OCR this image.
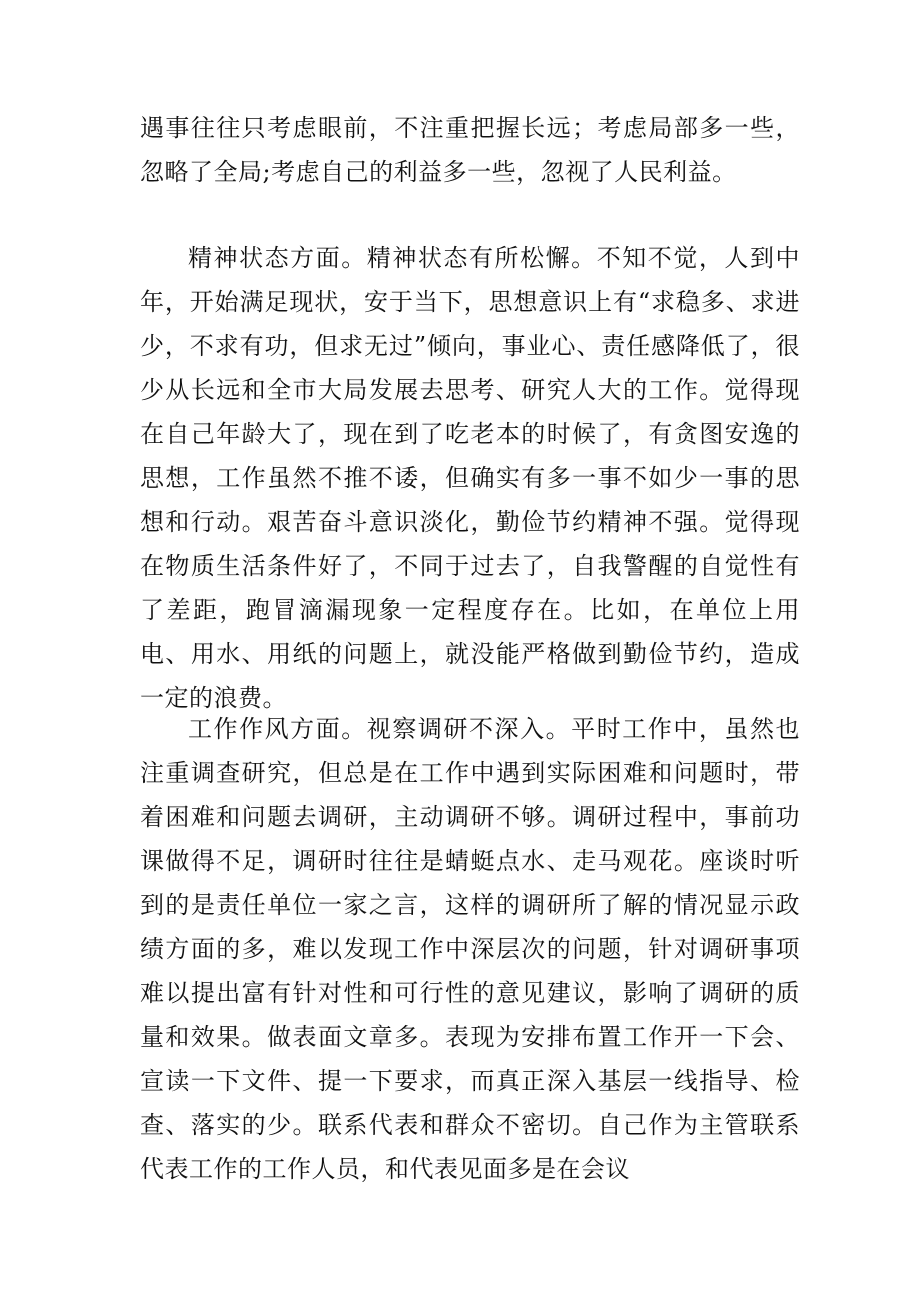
遇事往往只考虑眼前，不注重把握长远；考虑局部多一些，忽略了全局;考虑自己的利益多一些，忽视了人民利益。

精神状态方面。精神状态有所松懈。不知不觉，人到中年，开始满足现状，安于当下，思想意识上有“求稳多、求进少，不求有功，但求无过”倾向，事业心、责任感降低了，很少从长远和全市大局发展去思考、研究人大的工作。觉得现在自己年龄大了，现在到了吃老本的时候了，有贪图安逸的思想，工作虽然不推不诿，但确实有多一事不如少一事的思想和行动。艰苦奋斗意识淡化，勤俭节约精神不强。觉得现在物质生活条件好了，不同于过去了，自我警醒的自觉性有了差距，跑冒滴漏现象一定程度存在。比如，在单位上用电、用水、用纸的问题上，就没能严格做到勤俭节约，造成一定的浪费。

工作作风方面。视察调研不深入。平时工作中，虽然也注重调查研究，但总是在工作中遇到实际困难和问题时，带着困难和问题去调研，主动调研不够。调研过程中，事前功课做得不足，调研时往往是蜻蜓点水、走马观花。座谈时听到的是责任单位一家之言，这样的调研所了解的情况显示政绩方面的多，难以发现工作中深层次的问题，针对调研事项难以提出富有针对性和可行性的意见建议，影响了调研的质量和效果。做表面文章多。表现为安排布置工作开一下会、宣读一下文件、提一下要求，而真正深入基层一线指导、检查、落实的少。联系代表和群众不密切。自己作为主管联系代表工作的工作人员，和代表见面多是在会议
